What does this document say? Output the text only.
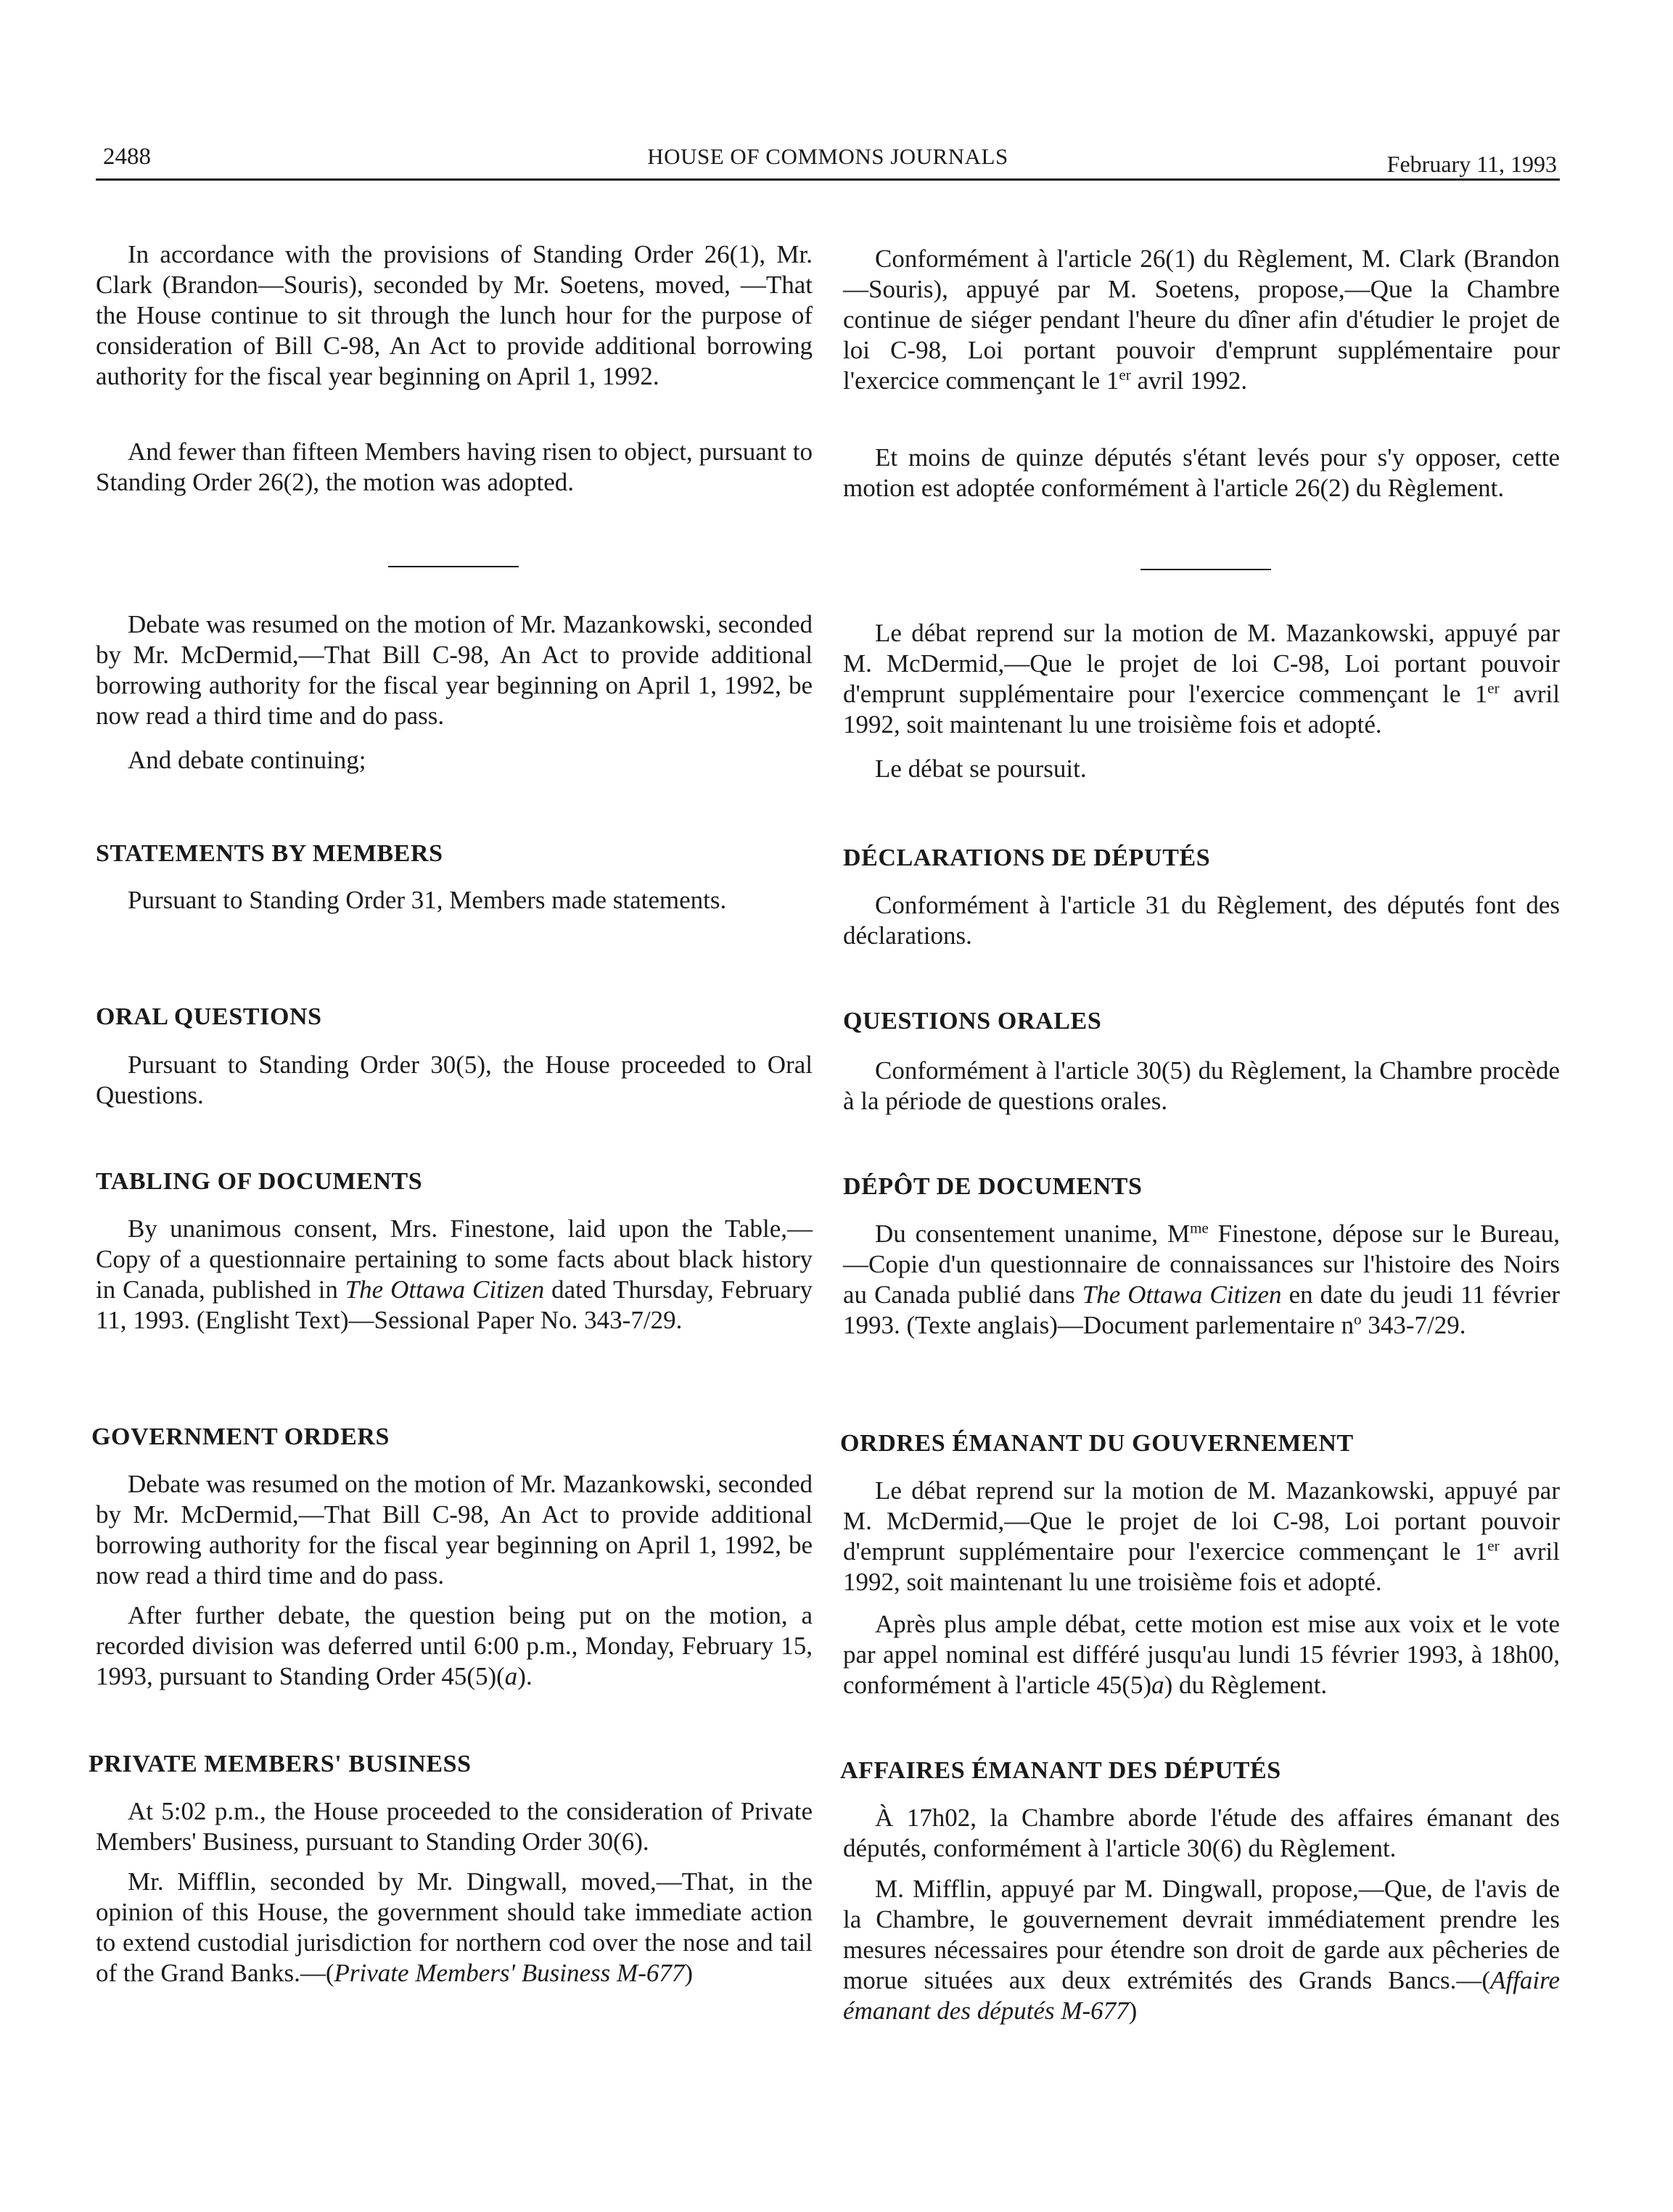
2488	HOUSE OF COMMONS JOURNALS	February 11, 1993

In accordance with the provisions of Standing Order 26(1), Mr. Clark (Brandon—Souris), seconded by Mr. Soetens, moved, —That the House continue to sit through the lunch hour for the purpose of consideration of Bill C-98, An Act to provide additional borrowing authority for the fiscal year beginning on April 1, 1992.

And fewer than fifteen Members having risen to object, pursuant to Standing Order 26(2), the motion was adopted.

Debate was resumed on the motion of Mr. Mazankowski, seconded by Mr. McDermid,—That Bill C-98, An Act to provide additional borrowing authority for the fiscal year beginning on April 1, 1992, be now read a third time and do pass.

And debate continuing;

STATEMENTS BY MEMBERS

Pursuant to Standing Order 31, Members made statements.

ORAL QUESTIONS

Pursuant to Standing Order 30(5), the House proceeded to Oral Questions.

TABLING OF DOCUMENTS

By unanimous consent, Mrs. Finestone, laid upon the Table,—Copy of a questionnaire pertaining to some facts about black history in Canada, published in The Ottawa Citizen dated Thursday, February 11, 1993. (Englisht Text)—Sessional Paper No. 343-7/29.

GOVERNMENT ORDERS

Debate was resumed on the motion of Mr. Mazankowski, seconded by Mr. McDermid,—That Bill C-98, An Act to provide additional borrowing authority for the fiscal year beginning on April 1, 1992, be now read a third time and do pass.

After further debate, the question being put on the motion, a recorded division was deferred until 6:00 p.m., Monday, February 15, 1993, pursuant to Standing Order 45(5)(a).

PRIVATE MEMBERS' BUSINESS

At 5:02 p.m., the House proceeded to the consideration of Private Members' Business, pursuant to Standing Order 30(6).

Mr. Mifflin, seconded by Mr. Dingwall, moved,—That, in the opinion of this House, the government should take immediate action to extend custodial jurisdiction for northern cod over the nose and tail of the Grand Banks.—(Private Members' Business M-677)

Conformément à l'article 26(1) du Règlement, M. Clark (Brandon—Souris), appuyé par M. Soetens, propose,—Que la Chambre continue de siéger pendant l'heure du dîner afin d'étudier le projet de loi C-98, Loi portant pouvoir d'emprunt supplémentaire pour l'exercice commençant le 1er avril 1992.

Et moins de quinze députés s'étant levés pour s'y opposer, cette motion est adoptée conformément à l'article 26(2) du Règlement.

Le débat reprend sur la motion de M. Mazankowski, appuyé par M. McDermid,—Que le projet de loi C-98, Loi portant pouvoir d'emprunt supplémentaire pour l'exercice commençant le 1er avril 1992, soit maintenant lu une troisième fois et adopté.

Le débat se poursuit.

DÉCLARATIONS DE DÉPUTÉS

Conformément à l'article 31 du Règlement, des députés font des déclarations.

QUESTIONS ORALES

Conformément à l'article 30(5) du Règlement, la Chambre procède à la période de questions orales.

DÉPÔT DE DOCUMENTS

Du consentement unanime, $M^{me}$ Finestone, dépose sur le Bureau,—Copie d'un questionnaire de connaissances sur l'histoire des Noirs au Canada publié dans The Ottawa Citizen en date du jeudi 11 février 1993. (Texte anglais)—Document parlementaire $n^o$ 343-7/29.

ORDRES ÉMANANT DU GOUVERNEMENT

Le débat reprend sur la motion de M. Mazankowski, appuyé par M. McDermid,—Que le projet de loi C-98, Loi portant pouvoir d'emprunt supplémentaire pour l'exercice commençant le 1er avril 1992, soit maintenant lu une troisième fois et adopté.

Après plus ample débat, cette motion est mise aux voix et le vote par appel nominal est différé jusqu'au lundi 15 février 1993, à 18h00, conformément à l'article 45(5)a) du Règlement.

AFFAIRES ÉMANANT DES DÉPUTÉS

À 17h02, la Chambre aborde l'étude des affaires émanant des députés, conformément à l'article 30(6) du Règlement.

M. Mifflin, appuyé par M. Dingwall, propose,—Que, de l'avis de la Chambre, le gouvernement devrait immédiatement prendre les mesures nécessaires pour étendre son droit de garde aux pêcheries de morue situées aux deux extrémités des Grands Bancs.—(Affaire émanant des députés M-677)
